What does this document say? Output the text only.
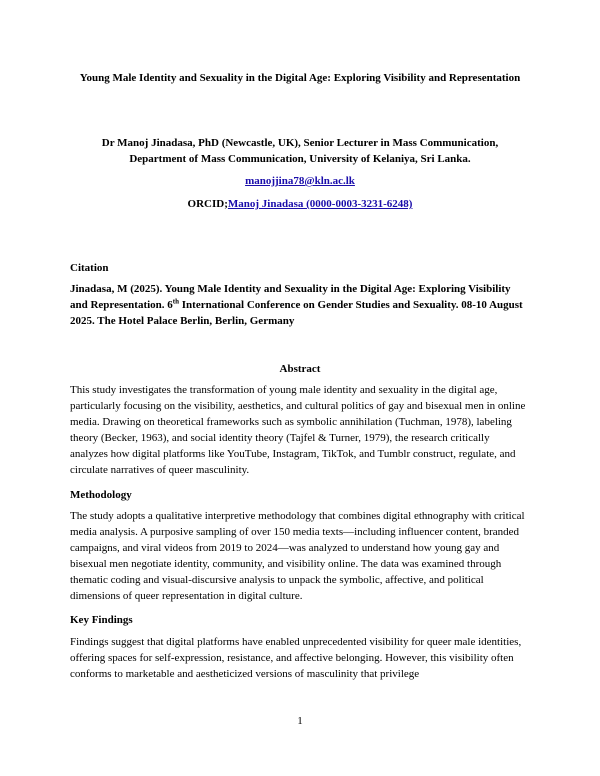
Young Male Identity and Sexuality in the Digital Age: Exploring Visibility and Representation
Dr Manoj Jinadasa, PhD (Newcastle, UK), Senior Lecturer in Mass Communication,
Department of Mass Communication, University of Kelaniya, Sri Lanka.
manojjina78@kln.ac.lk
ORCID;Manoj Jinadasa (0000-0003-3231-6248)
Citation
Jinadasa, M (2025). Young Male Identity and Sexuality in the Digital Age: Exploring Visibility and Representation. 6th International Conference on Gender Studies and Sexuality. 08-10 August 2025. The Hotel Palace Berlin, Berlin, Germany
Abstract
This study investigates the transformation of young male identity and sexuality in the digital age, particularly focusing on the visibility, aesthetics, and cultural politics of gay and bisexual men in online media. Drawing on theoretical frameworks such as symbolic annihilation (Tuchman, 1978), labeling theory (Becker, 1963), and social identity theory (Tajfel & Turner, 1979), the research critically analyzes how digital platforms like YouTube, Instagram, TikTok, and Tumblr construct, regulate, and circulate narratives of queer masculinity.
Methodology
The study adopts a qualitative interpretive methodology that combines digital ethnography with critical media analysis. A purposive sampling of over 150 media texts—including influencer content, branded campaigns, and viral videos from 2019 to 2024—was analyzed to understand how young gay and bisexual men negotiate identity, community, and visibility online. The data was examined through thematic coding and visual-discursive analysis to unpack the symbolic, affective, and political dimensions of queer representation in digital culture.
Key Findings
Findings suggest that digital platforms have enabled unprecedented visibility for queer male identities, offering spaces for self-expression, resistance, and affective belonging. However, this visibility often conforms to marketable and aestheticized versions of masculinity that privilege
1
